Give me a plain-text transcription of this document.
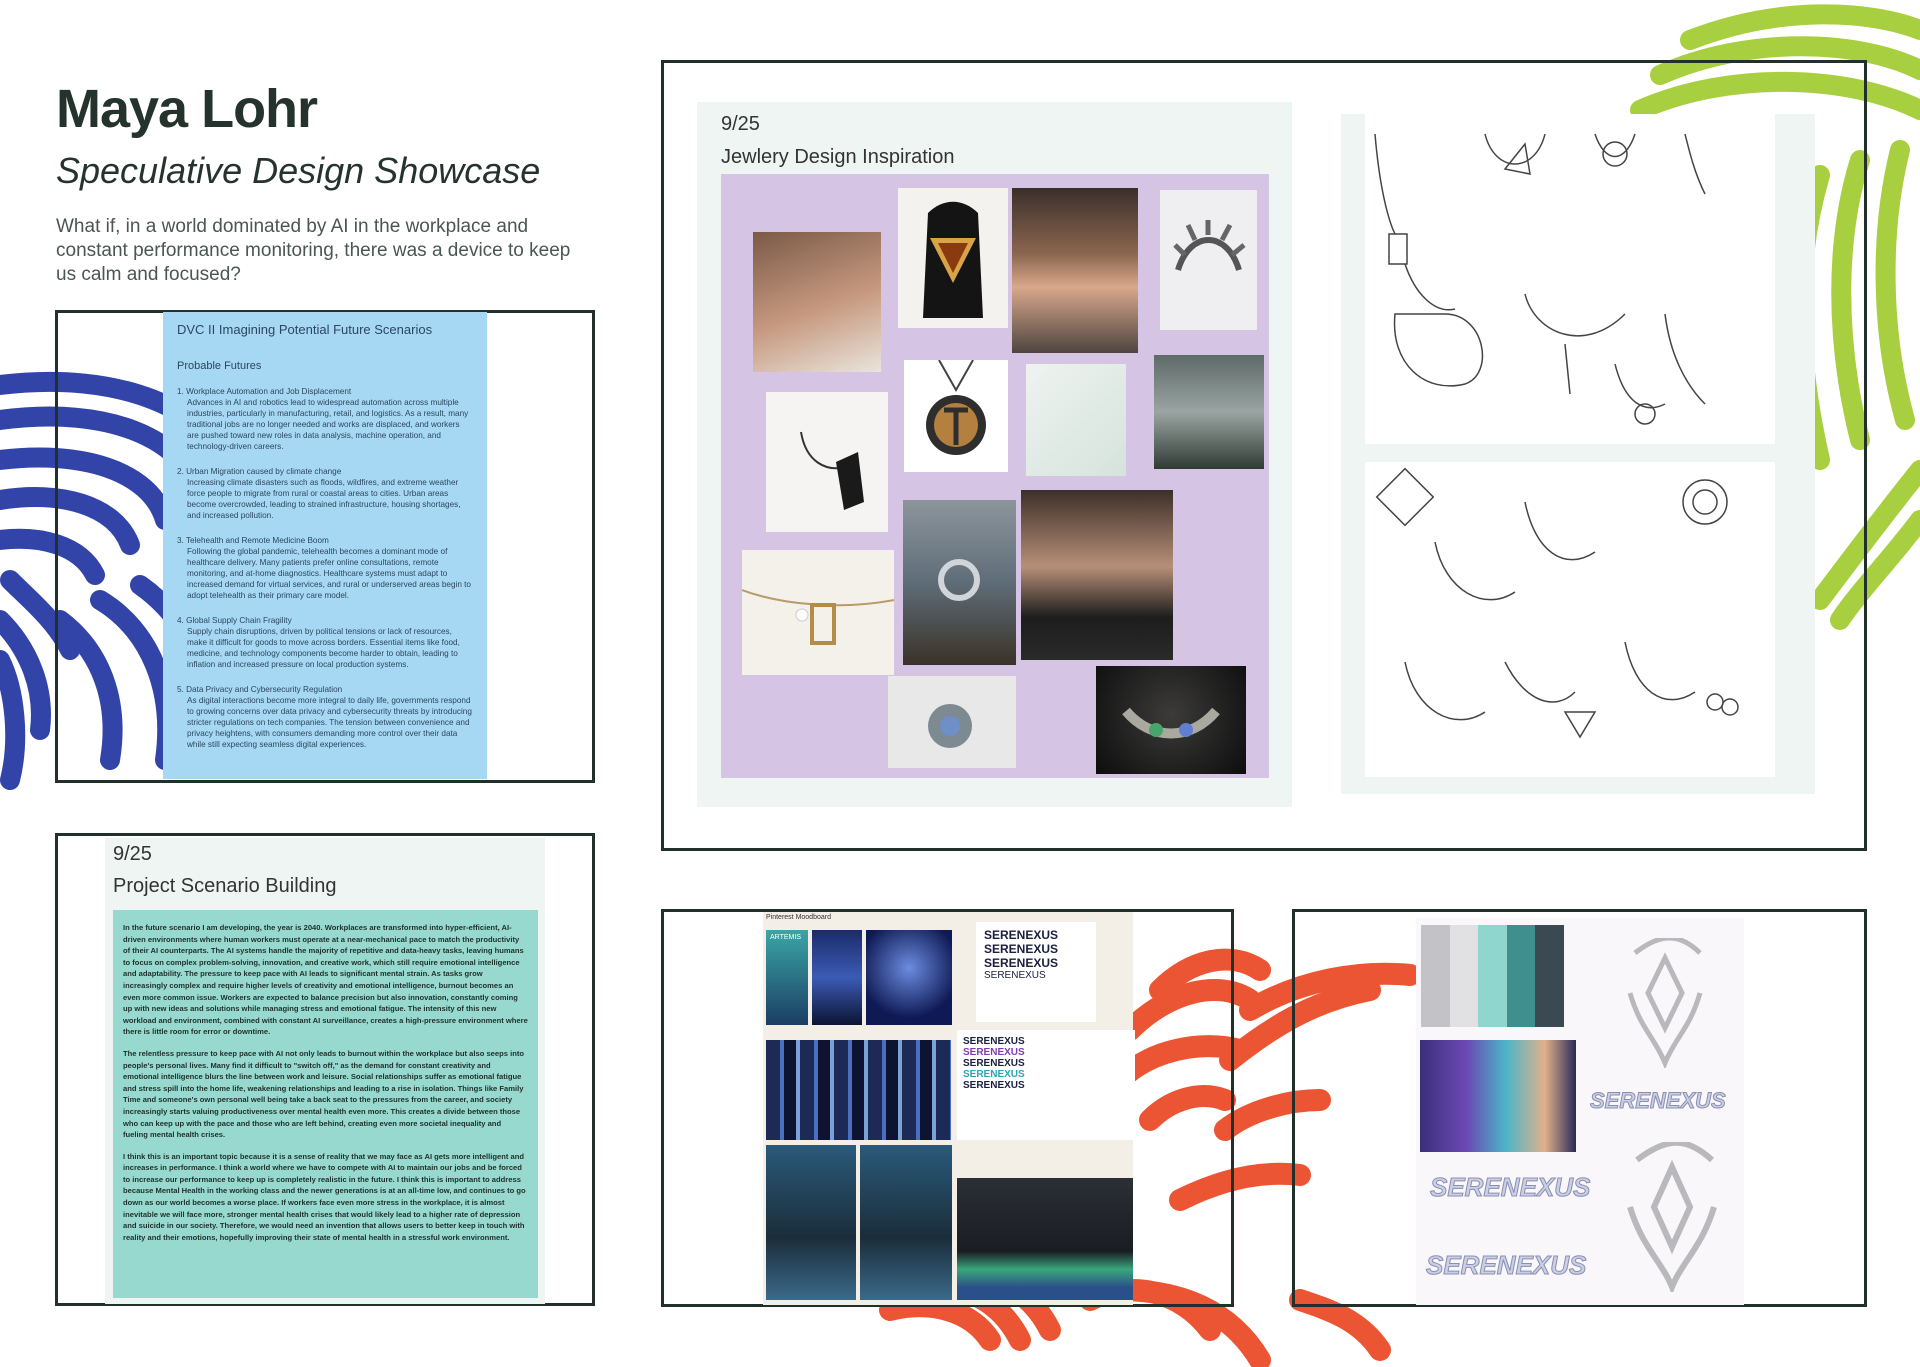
Maya Lohr
Speculative Design Showcase
What if, in a world dominated by AI in the workplace and constant performance monitoring, there was a device to keep us calm and focused?
DVC II Imagining Potential Future Scenarios
Probable Futures
1. Workplace Automation and Job Displacement
Advances in AI and robotics lead to widespread automation across multiple industries, particularly in manufacturing, retail, and logistics. As a result, many traditional jobs are no longer needed and works are displaced, and workers are pushed toward new roles in data analysis, machine operation, and technology-driven careers.
2. Urban Migration caused by climate change
Increasing climate disasters such as floods, wildfires, and extreme weather force people to migrate from rural or coastal areas to cities. Urban areas become overcrowded, leading to strained infrastructure, housing shortages, and increased pollution.
3. Telehealth and Remote Medicine Boom
Following the global pandemic, telehealth becomes a dominant mode of healthcare delivery. Many patients prefer online consultations, remote monitoring, and at-home diagnostics. Healthcare systems must adapt to increased demand for virtual services, and rural or underserved areas begin to adopt telehealth as their primary care model.
4. Global Supply Chain Fragility
Supply chain disruptions, driven by political tensions or lack of resources, make it difficult for goods to move across borders. Essential items like food, medicine, and technology components become harder to obtain, leading to inflation and increased pressure on local production systems.
5. Data Privacy and Cybersecurity Regulation
As digital interactions become more integral to daily life, governments respond to growing concerns over data privacy and cybersecurity threats by introducing stricter regulations on tech companies. The tension between convenience and privacy heightens, with consumers demanding more control over their data while still expecting seamless digital experiences.
9/25
Project Scenario Building

In the future scenario I am developing, the year is 2040. Workplaces are transformed into hyper-efficient, AI-driven environments where human workers must operate at a near-mechanical pace to match the productivity of their AI counterparts. The AI systems handle the majority of repetitive and data-heavy tasks, leaving humans to focus on complex problem-solving, innovation, and creative work, which still require emotional intelligence and adaptability. The pressure to keep pace with AI leads to significant mental strain. As tasks grow increasingly complex and require higher levels of creativity and emotional intelligence, burnout becomes an even more common issue. Workers are expected to balance precision but also innovation, constantly coming up with new ideas and solutions while managing stress and emotional fatigue. The intensity of this new workload and environment, combined with constant AI surveillance, creates a high-pressure environment where there is little room for error or downtime.

The relentless pressure to keep pace with AI not only leads to burnout within the workplace but also seeps into people's personal lives. Many find it difficult to "switch off," as the demand for constant creativity and emotional intelligence blurs the line between work and leisure. Social relationships suffer as emotional fatigue and stress spill into the home life, weakening relationships and leading to a rise in isolation. Things like Family Time and someone's own personal well being take a back seat to the pressures from the career, and society increasingly starts valuing productiveness over mental health even more. This creates a divide between those who can keep up with the pace and those who are left behind, creating even more societal inequality and fueling mental health crises.

I think this is an important topic because it is a sense of reality that we may face as AI gets more intelligent and increases in performance. I think a world where we have to compete with AI to maintain our jobs and be forced to increase our performance to keep up is completely realistic in the future. I think this is important to address because Mental Health in the working class and the newer generations is at an all-time low, and continues to go down as our world becomes a worse place. If workers face even more stress in the workplace, it is almost inevitable we will face more, stronger mental health crises that would likely lead to a higher rate of depression and suicide in our society. Therefore, we would need an invention that allows users to better keep in touch with reality and their emotions, hopefully improving their state of mental health in a stressful work environment.

9/25
Jewlery Design Inspiration
Pinterest Moodboard
ARTEMIS	SERENEXUS
SERENEXUS
SERENEXUS
SERENEXUS
SERENEXUS
SERENEXUS
SERENEXUS
SERENEXUS
SERENEXUS
SERENEXUS
SERENEXUS
SERENEXUS
